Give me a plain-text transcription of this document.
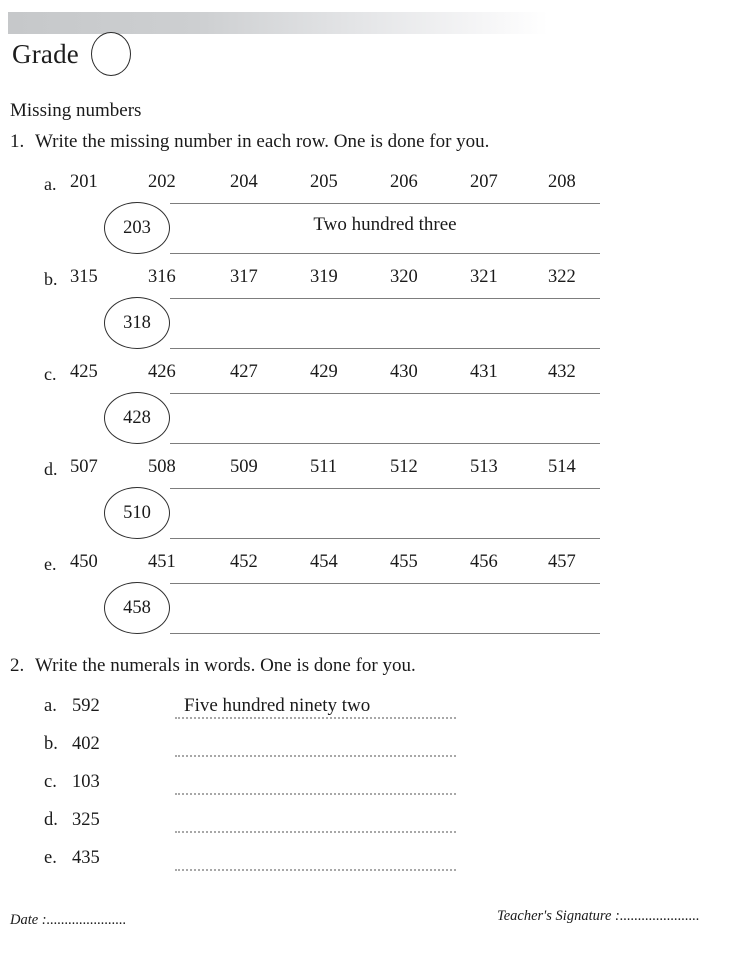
Grade
Missing numbers
1. Write the missing number in each row. One is done for you.
a. 201	202	204	205	206	207	208
203	Two hundred three
b. 315	316	317	319	320	321	322
318
c. 425	426	427	429	430	431	432
428
d. 507	508	509	511	512	513	514
510
e. 450	451	452	454	455	456	457
458
2. Write the numerals in words. One is done for you.
a. 592	Five hundred ninety two
b. 402
c. 103
d. 325
e. 435
Date :......................	Teacher's Signature :......................
